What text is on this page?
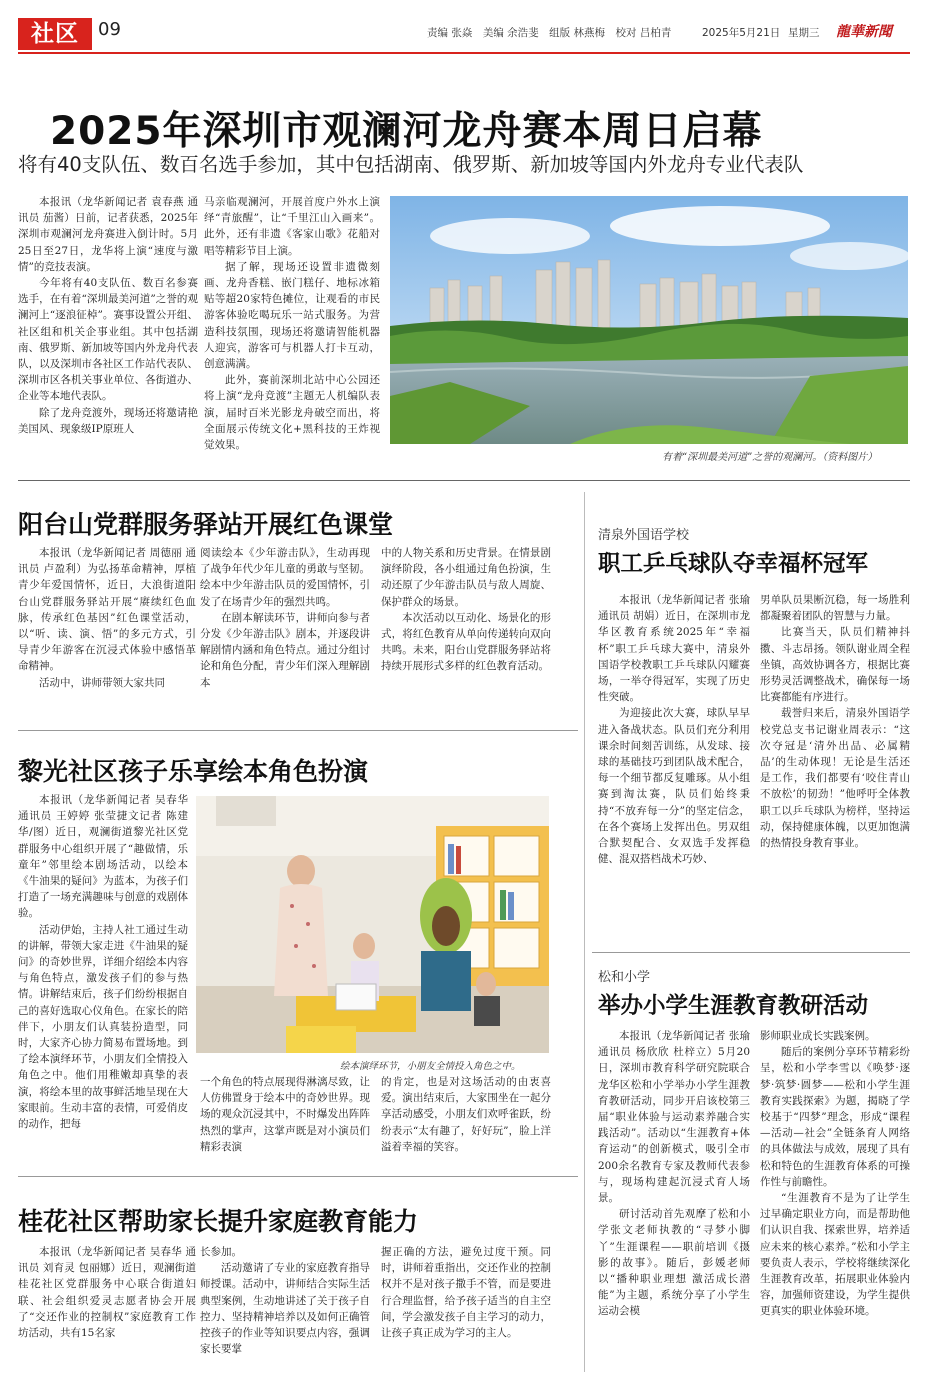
社区	09	责编 张焱　美编 余浩斐　组版 林燕梅　校对 吕柏青	2025年5月21日 星期三 龍華新聞
2025年深圳市观澜河龙舟赛本周日启幕
将有40支队伍、数百名选手参加，其中包括湖南、俄罗斯、新加坡等国内外龙舟专业代表队

本报讯（龙华新闻记者 袁春燕 通讯员 茄酱）日前，记者获悉，2025年深圳市观澜河龙舟赛进入倒计时。5月25日至27日，龙华将上演“速度与激情”的竞技表演。

今年将有40支队伍、数百名参赛选手，在有着“深圳最美河道”之誉的观澜河上“逐浪征棹”。赛事设置公开组、社区组和机关企事业组。其中包括湖南、俄罗斯、新加坡等国内外龙舟代表队，以及深圳市各社区工作站代表队、深圳市区各机关事业单位、各街道办、企业等本地代表队。

除了龙舟竞渡外，现场还将邀请艳美国风、现象级IP原班人

马亲临观澜河，开展首度户外水上演绎“青旅醒”，让“千里江山入画来”。此外，还有非遗《客家山歌》花船对唱等精彩节目上演。

据了解，现场还设置非遗微刻画、龙舟香糕、嵌门糕仔、地标冰箱贴等超20家特色摊位，让观看的市民游客体验吃喝玩乐一站式服务。为营造科技氛围，现场还将邀请智能机器人迎宾，游客可与机器人打卡互动，创意满满。

此外，赛前深圳北站中心公园还将上演“龙舟竞渡”主题无人机编队表演，届时百米光影龙舟破空而出，将全面展示传统文化+黑科技的王炸视觉效果。

有着“深圳最美河道”之誉的观澜河。（资料图片）
阳台山党群服务驿站开展红色课堂

本报讯（龙华新闻记者 周德丽 通讯员 卢盈利）为弘扬革命精神，厚植青少年爱国情怀，近日，大浪街道阳台山党群服务驿站开展“赓续红色血脉，传承红色基因”红色课堂活动，以“听、读、演、悟”的多元方式，引导青少年游客在沉浸式体验中感悟革命精神。

活动中，讲师带领大家共同

阅读绘本《少年游击队》，生动再现了战争年代少年儿童的勇敢与坚韧。绘本中少年游击队员的爱国情怀，引发了在场青少年的强烈共鸣。

在剧本解读环节，讲师向参与者分发《少年游击队》剧本，并逐段讲解剧情内涵和角色特点。通过分组讨论和角色分配，青少年们深入理解剧本

中的人物关系和历史背景。在情景剧演绎阶段，各小组通过角色扮演，生动还原了少年游击队员与敌人周旋、保护群众的场景。

本次活动以互动化、场景化的形式，将红色教育从单向传递转向双向共鸣。未来，阳台山党群服务驿站将持续开展形式多样的红色教育活动。

黎光社区孩子乐享绘本角色扮演

本报讯（龙华新闻记者 吴春华 通讯员 王婷婷 张莹捷文记者 陈建华/图）近日，观澜街道黎光社区党群服务中心组织开展了“趣做情，乐童年”邻里绘本剧场活动，以绘本《牛油果的疑问》为蓝本，为孩子们打造了一场充满趣味与创意的戏剧体验。

活动伊始，主持人社工通过生动的讲解，带领大家走进《牛油果的疑问》的奇妙世界，详细介绍绘本内容与角色特点，激发孩子们的参与热情。讲解结束后，孩子们纷纷根据自己的喜好选取心仪角色。在家长的陪伴下，小朋友们认真装扮造型，同时，大家齐心协力简易布置场地。到了绘本演绎环节，小朋友们全情投入角色之中。他们用稚嫩却真挚的表演，将绘本里的故事鲜活地呈现在大家眼前。生动丰富的表情，可爱俏皮的动作，把每

绘本演绎环节，小朋友全情投入角色之中。

一个角色的特点展现得淋漓尽致，让人仿佛置身于绘本中的奇妙世界。现场的观众沉浸其中，不时爆发出阵阵热烈的掌声，这掌声既是对小演员们精彩表演

的肯定，也是对这场活动的由衷喜爱。演出结束后，大家围坐在一起分享活动感受，小朋友们欢呼雀跃，纷纷表示“太有趣了，好好玩”，脸上洋溢着幸福的笑容。

桂花社区帮助家长提升家庭教育能力

本报讯（龙华新闻记者 吴春华 通讯员 刘育灵 包丽娜）近日，观澜街道桂花社区党群服务中心联合街道妇联、社会组织爱灵志愿者协会开展了“交还作业的控制权”家庭教育工作坊活动，共有15名家

长参加。

活动邀请了专业的家庭教育指导师授课。活动中，讲师结合实际生活典型案例，生动地讲述了关于孩子自控力、坚持精神培养以及如何正确管控孩子的作业等知识要点内容，强调家长要掌

握正确的方法，避免过度干预。同时，讲师着重指出，交还作业的控制权并不是对孩子撒手不管，而是要进行合理监督，给予孩子适当的自主空间，学会激发孩子自主学习的动力，让孩子真正成为学习的主人。

清泉外国语学校
职工乒乓球队夺幸福杯冠军

本报讯（龙华新闻记者 张瑜 通讯员 胡娟）近日，在深圳市龙华区教育系统2025年“幸福杯”职工乒乓球大赛中，清泉外国语学校教职工乒乓球队闪耀赛场，一举夺得冠军，实现了历史性突破。

为迎接此次大赛，球队早早进入备战状态。队员们充分利用课余时间刻苦训练，从发球、接球的基础技巧到团队战术配合，每一个细节都反复雕琢。从小组赛到淘汰赛，队员们始终秉持“不放弃每一分”的坚定信念，在各个赛场上发挥出色。男双组合默契配合、女双选手发挥稳健、混双搭档战术巧妙、

男单队员果断沉稳，每一场胜利都凝聚着团队的智慧与力量。

比赛当天，队员们精神抖擞、斗志昂扬。领队谢业周全程坐镇，高效协调各方，根据比赛形势灵活调整战术，确保每一场比赛都能有序进行。

载誉归来后，清泉外国语学校党总支书记谢业周表示：“这次夺冠是‘清外出品、必属精品’的生动体现！无论是生活还是工作，我们都要有‘咬住青山不放松’的韧劲！”他呼吁全体教职工以乒乓球队为榜样，坚持运动，保持健康体魄，以更加饱满的热情投身教育事业。

松和小学
举办小学生涯教育教研活动

本报讯（龙华新闻记者 张瑜 通讯员 杨欣欣 杜梓立）5月20日，深圳市教育科学研究院联合龙华区松和小学举办小学生涯教育教研活动，同步开启该校第三届“职业体验与运动素养融合实践活动”。活动以“生涯教育+体育运动”的创新模式，吸引全市200余名教育专家及教师代表参与，现场构建起沉浸式育人场景。

研讨活动首先观摩了松和小学张文老师执教的“寻梦小脚丫”生涯课程——职前培训《摄影的故事》。随后，彭媛老师以“播种职业理想 激活成长潜能”为主题，系统分享了小学生运动会模

影师职业成长实践案例。

随后的案例分享环节精彩纷呈，松和小学李雪以《唤梦·逐梦·筑梦·圆梦——松和小学生涯教育实践探索》为题，揭晓了学校基于“四梦”理念，形成“课程—活动—社会”全链条育人网络的具体做法与成效，展现了具有松和特色的生涯教育体系的可操作性与前瞻性。

“生涯教育不是为了让学生过早确定职业方向，而是帮助他们认识自我、探索世界，培养适应未来的核心素养。”松和小学主要负责人表示，学校将继续深化生涯教育改革，拓展职业体验内容，加强师资建设，为学生提供更真实的职业体验环境。
